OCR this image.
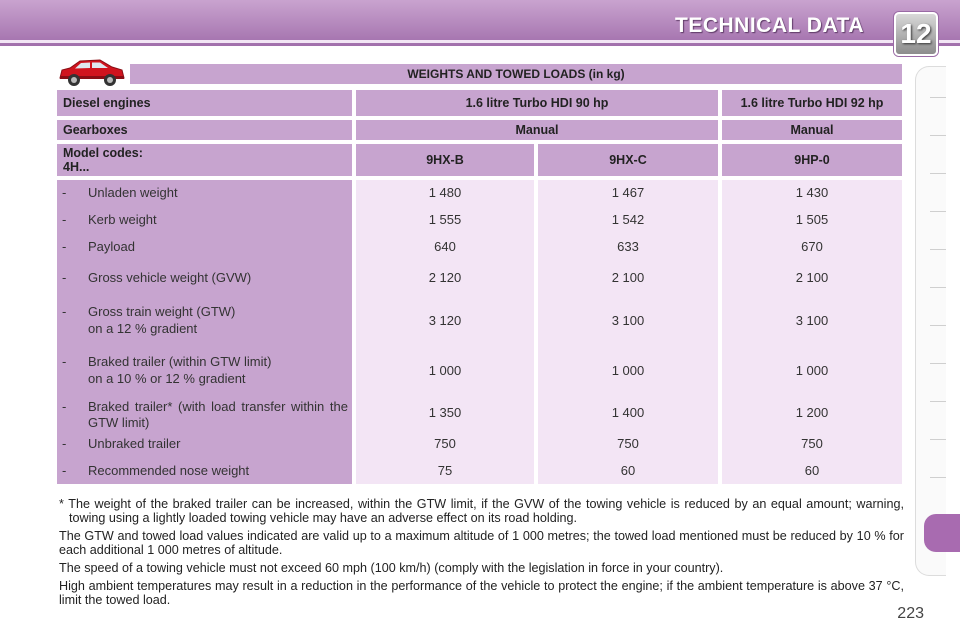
TECHNICAL DATA 12
WEIGHTS AND TOWED LOADS (in kg)
Diesel engines	1.6 litre Turbo HDI 90 hp	1.6 litre Turbo HDI 92 hp
Gearboxes	Manual	Manual
Model codes:
4H...	9HX-B	9HX-C	9HP-0
- Unladen weight	1 480	1 467	1 430
- Kerb weight	1 555	1 542	1 505
- Payload	640	633	670
- Gross vehicle weight (GVW)	2 120	2 100	2 100
- Gross train weight (GTW)
on a 12 % gradient
3 120	3 100	3 100
- Braked trailer (within GTW limit)
on a 10 % or 12 % gradient
1 000	1 000	1 000
- Braked trailer* (with load transfer within the GTW limit)
1 350	1 400	1 200
- Unbraked trailer	750	750	750
- Recommended nose weight	75	60	60

* The weight of the braked trailer can be increased, within the GTW limit, if the GVW of the towing vehicle is reduced by an equal amount; warning, towing using a lightly loaded towing vehicle may have an adverse effect on its road holding.

The GTW and towed load values indicated are valid up to a maximum altitude of 1 000 metres; the towed load mentioned must be reduced by 10 % for each additional 1 000 metres of altitude.

The speed of a towing vehicle must not exceed 60 mph (100 km/h) (comply with the legislation in force in your country).

High ambient temperatures may result in a reduction in the performance of the vehicle to protect the engine; if the ambient temperature is above 37 °C, limit the towed load.

223
